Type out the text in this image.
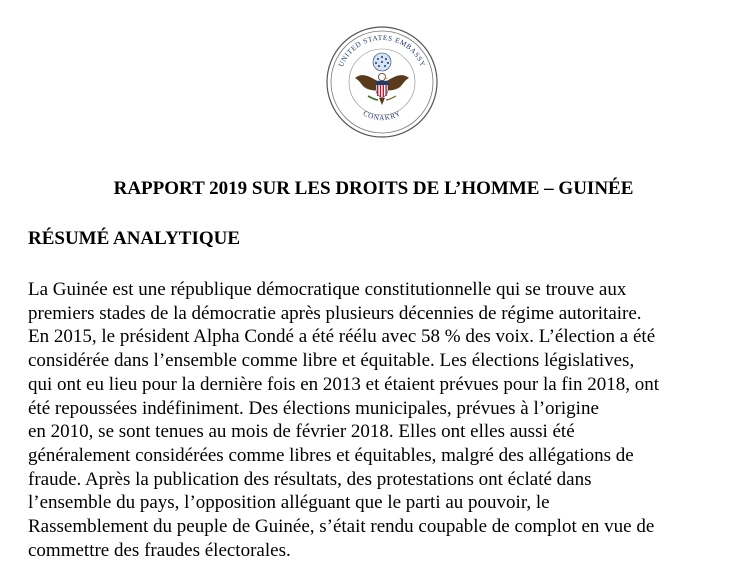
UNITED STATES EMBASSY
CONAKRY
RAPPORT 2019 SUR LES DROITS DE L’HOMME – GUINÉE
RÉSUMÉ ANALYTIQUE
La Guinée est une république démocratique constitutionnelle qui se trouve aux
premiers stades de la démocratie après plusieurs décennies de régime autoritaire.
En 2015, le président Alpha Condé a été réélu avec 58 % des voix. L’élection a été
considérée dans l’ensemble comme libre et équitable. Les élections législatives,
qui ont eu lieu pour la dernière fois en 2013 et étaient prévues pour la fin 2018, ont
été repoussées indéfiniment. Des élections municipales, prévues à l’origine
en 2010, se sont tenues au mois de février 2018. Elles ont elles aussi été
généralement considérées comme libres et équitables, malgré des allégations de
fraude. Après la publication des résultats, des protestations ont éclaté dans
l’ensemble du pays, l’opposition alléguant que le parti au pouvoir, le
Rassemblement du peuple de Guinée, s’était rendu coupable de complot en vue de
commettre des fraudes électorales.
